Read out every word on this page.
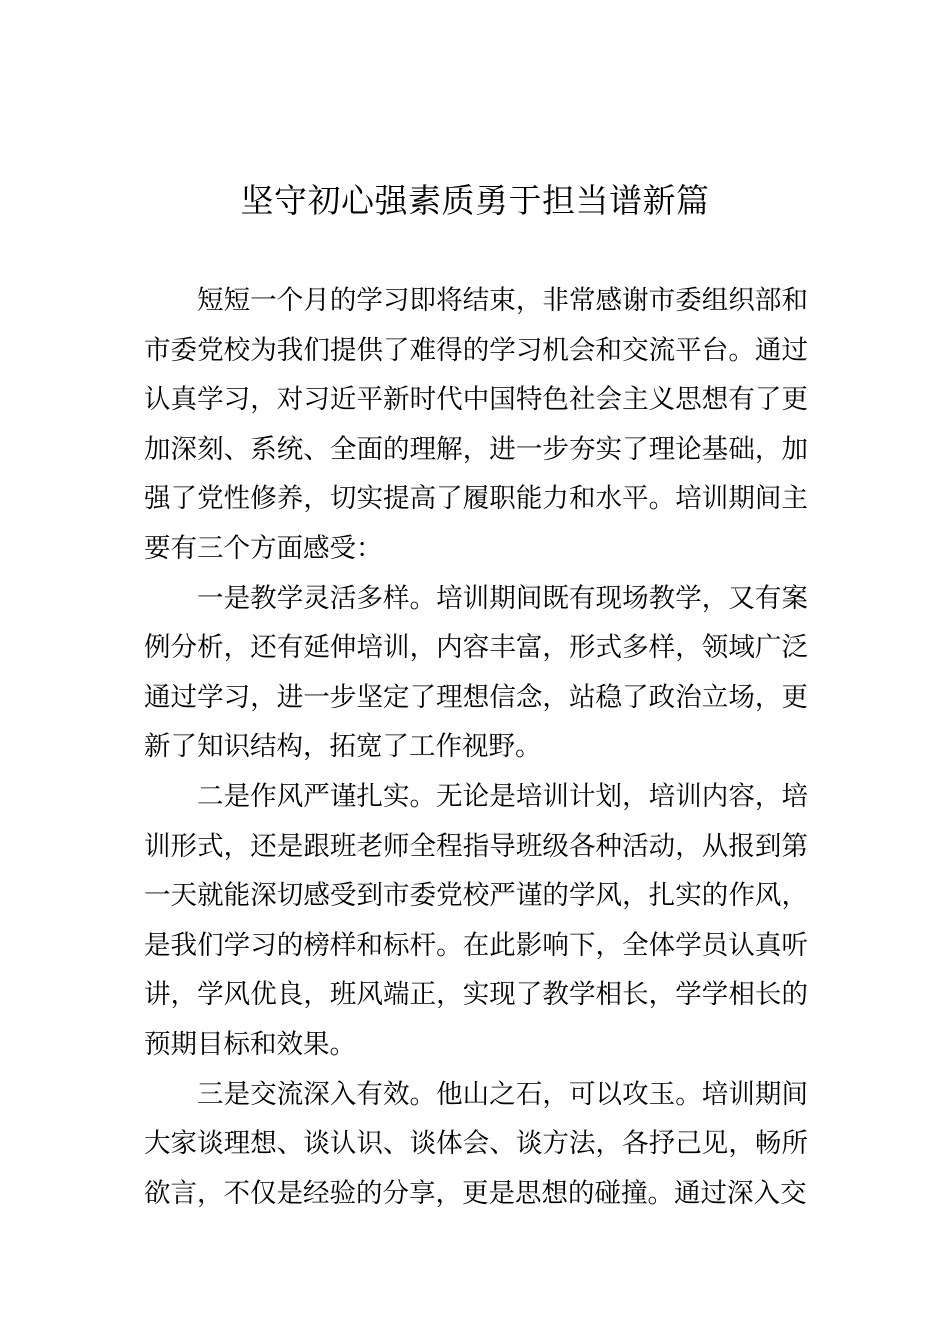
坚守初心强素质勇于担当谱新篇

短短一个月的学习即将结束，非常感谢市委组织部和市委党校为我们提供了难得的学习机会和交流平台。通过认真学习，对习近平新时代中国特色社会主义思想有了更加深刻、系统、全面的理解，进一步夯实了理论基础，加强了党性修养，切实提高了履职能力和水平。培训期间主要有三个方面感受：

一是教学灵活多样。培训期间既有现场教学，又有案例分析，还有延伸培训，内容丰富，形式多样，领域广泛通过学习，进一步坚定了理想信念，站稳了政治立场，更新了知识结构，拓宽了工作视野。

二是作风严谨扎实。无论是培训计划，培训内容，培训形式，还是跟班老师全程指导班级各种活动，从报到第一天就能深切感受到市委党校严谨的学风，扎实的作风，是我们学习的榜样和标杆。在此影响下，全体学员认真听讲，学风优良，班风端正，实现了教学相长，学学相长的预期目标和效果。

三是交流深入有效。他山之石，可以攻玉。培训期间大家谈理想、谈认识、谈体会、谈方法，各抒己见，畅所欲言，不仅是经验的分享，更是思想的碰撞。通过深入交
